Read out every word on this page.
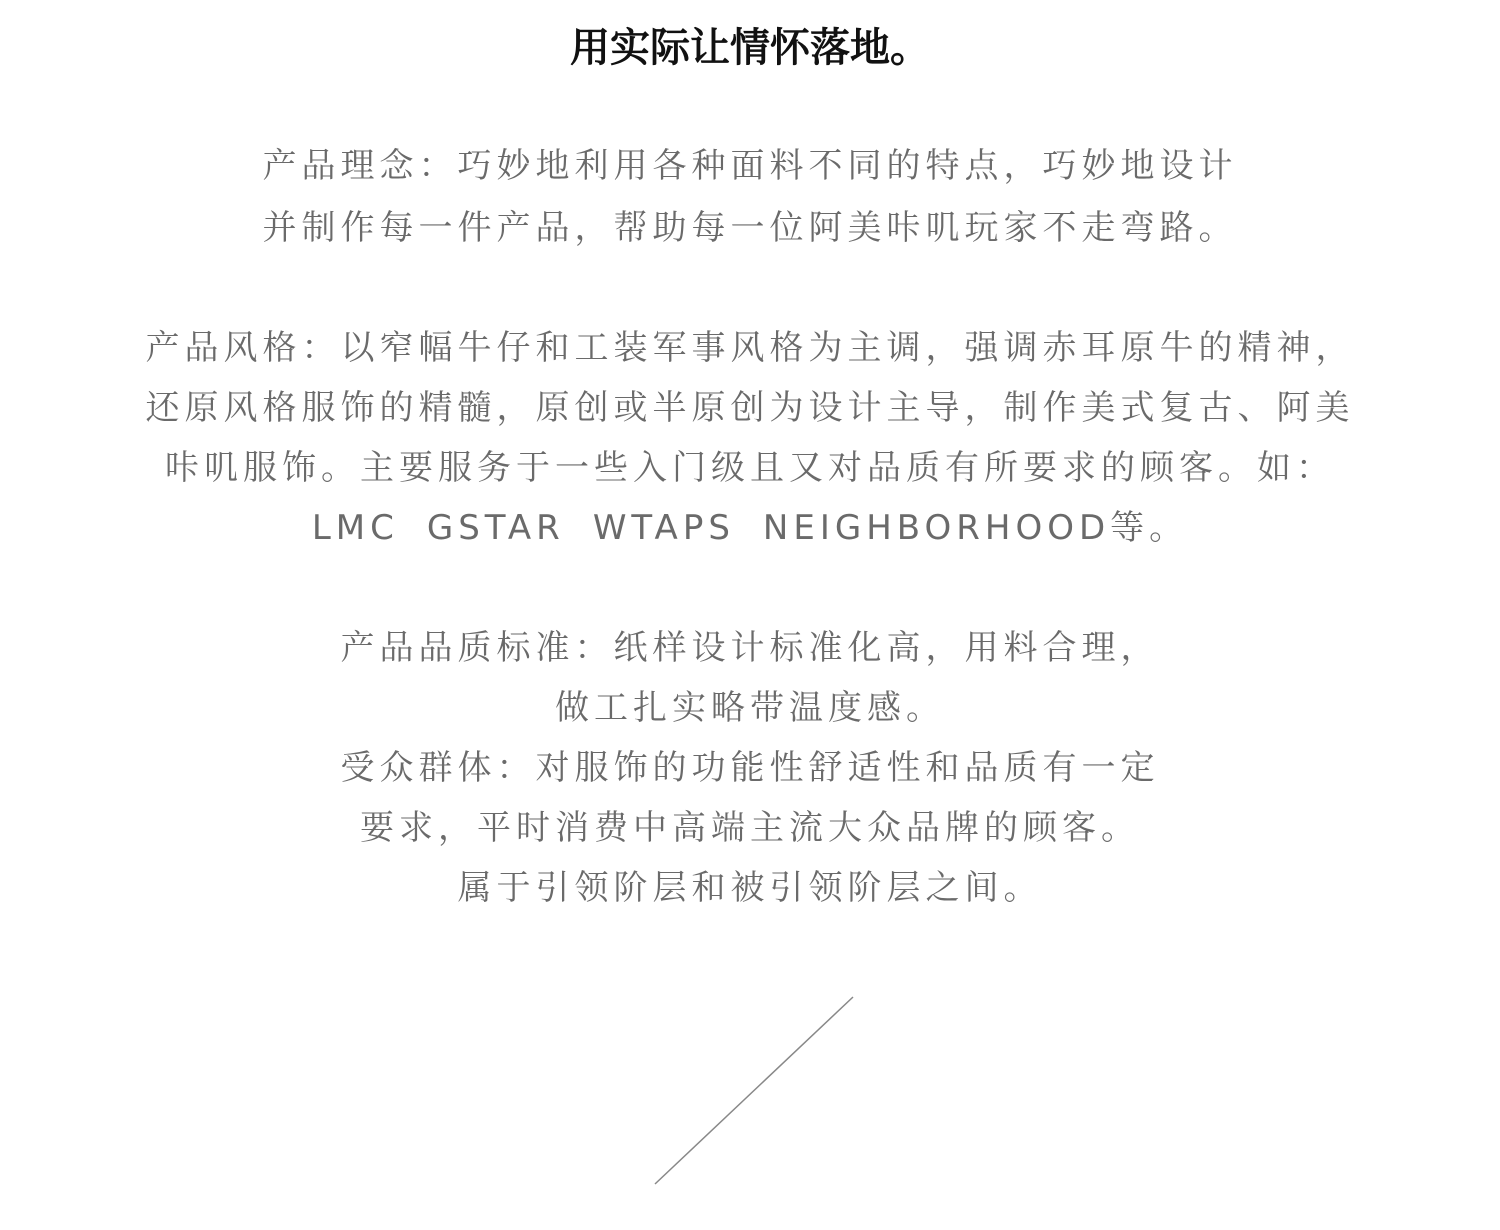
用实际让情怀落地。
产品理念：巧妙地利用各种面料不同的特点，巧妙地设计
并制作每一件产品，帮助每一位阿美咔叽玩家不走弯路。
产品风格：以窄幅牛仔和工装军事风格为主调，强调赤耳原牛的精神，
还原风格服饰的精髓，原创或半原创为设计主导，制作美式复古、阿美
咔叽服饰。主要服务于一些入门级且又对品质有所要求的顾客。如：
LMC GSTAR WTAPS NEIGHBORHOOD等。
产品品质标准：纸样设计标准化高，用料合理，
做工扎实略带温度感。
受众群体：对服饰的功能性舒适性和品质有一定
要求，平时消费中高端主流大众品牌的顾客。
属于引领阶层和被引领阶层之间。
